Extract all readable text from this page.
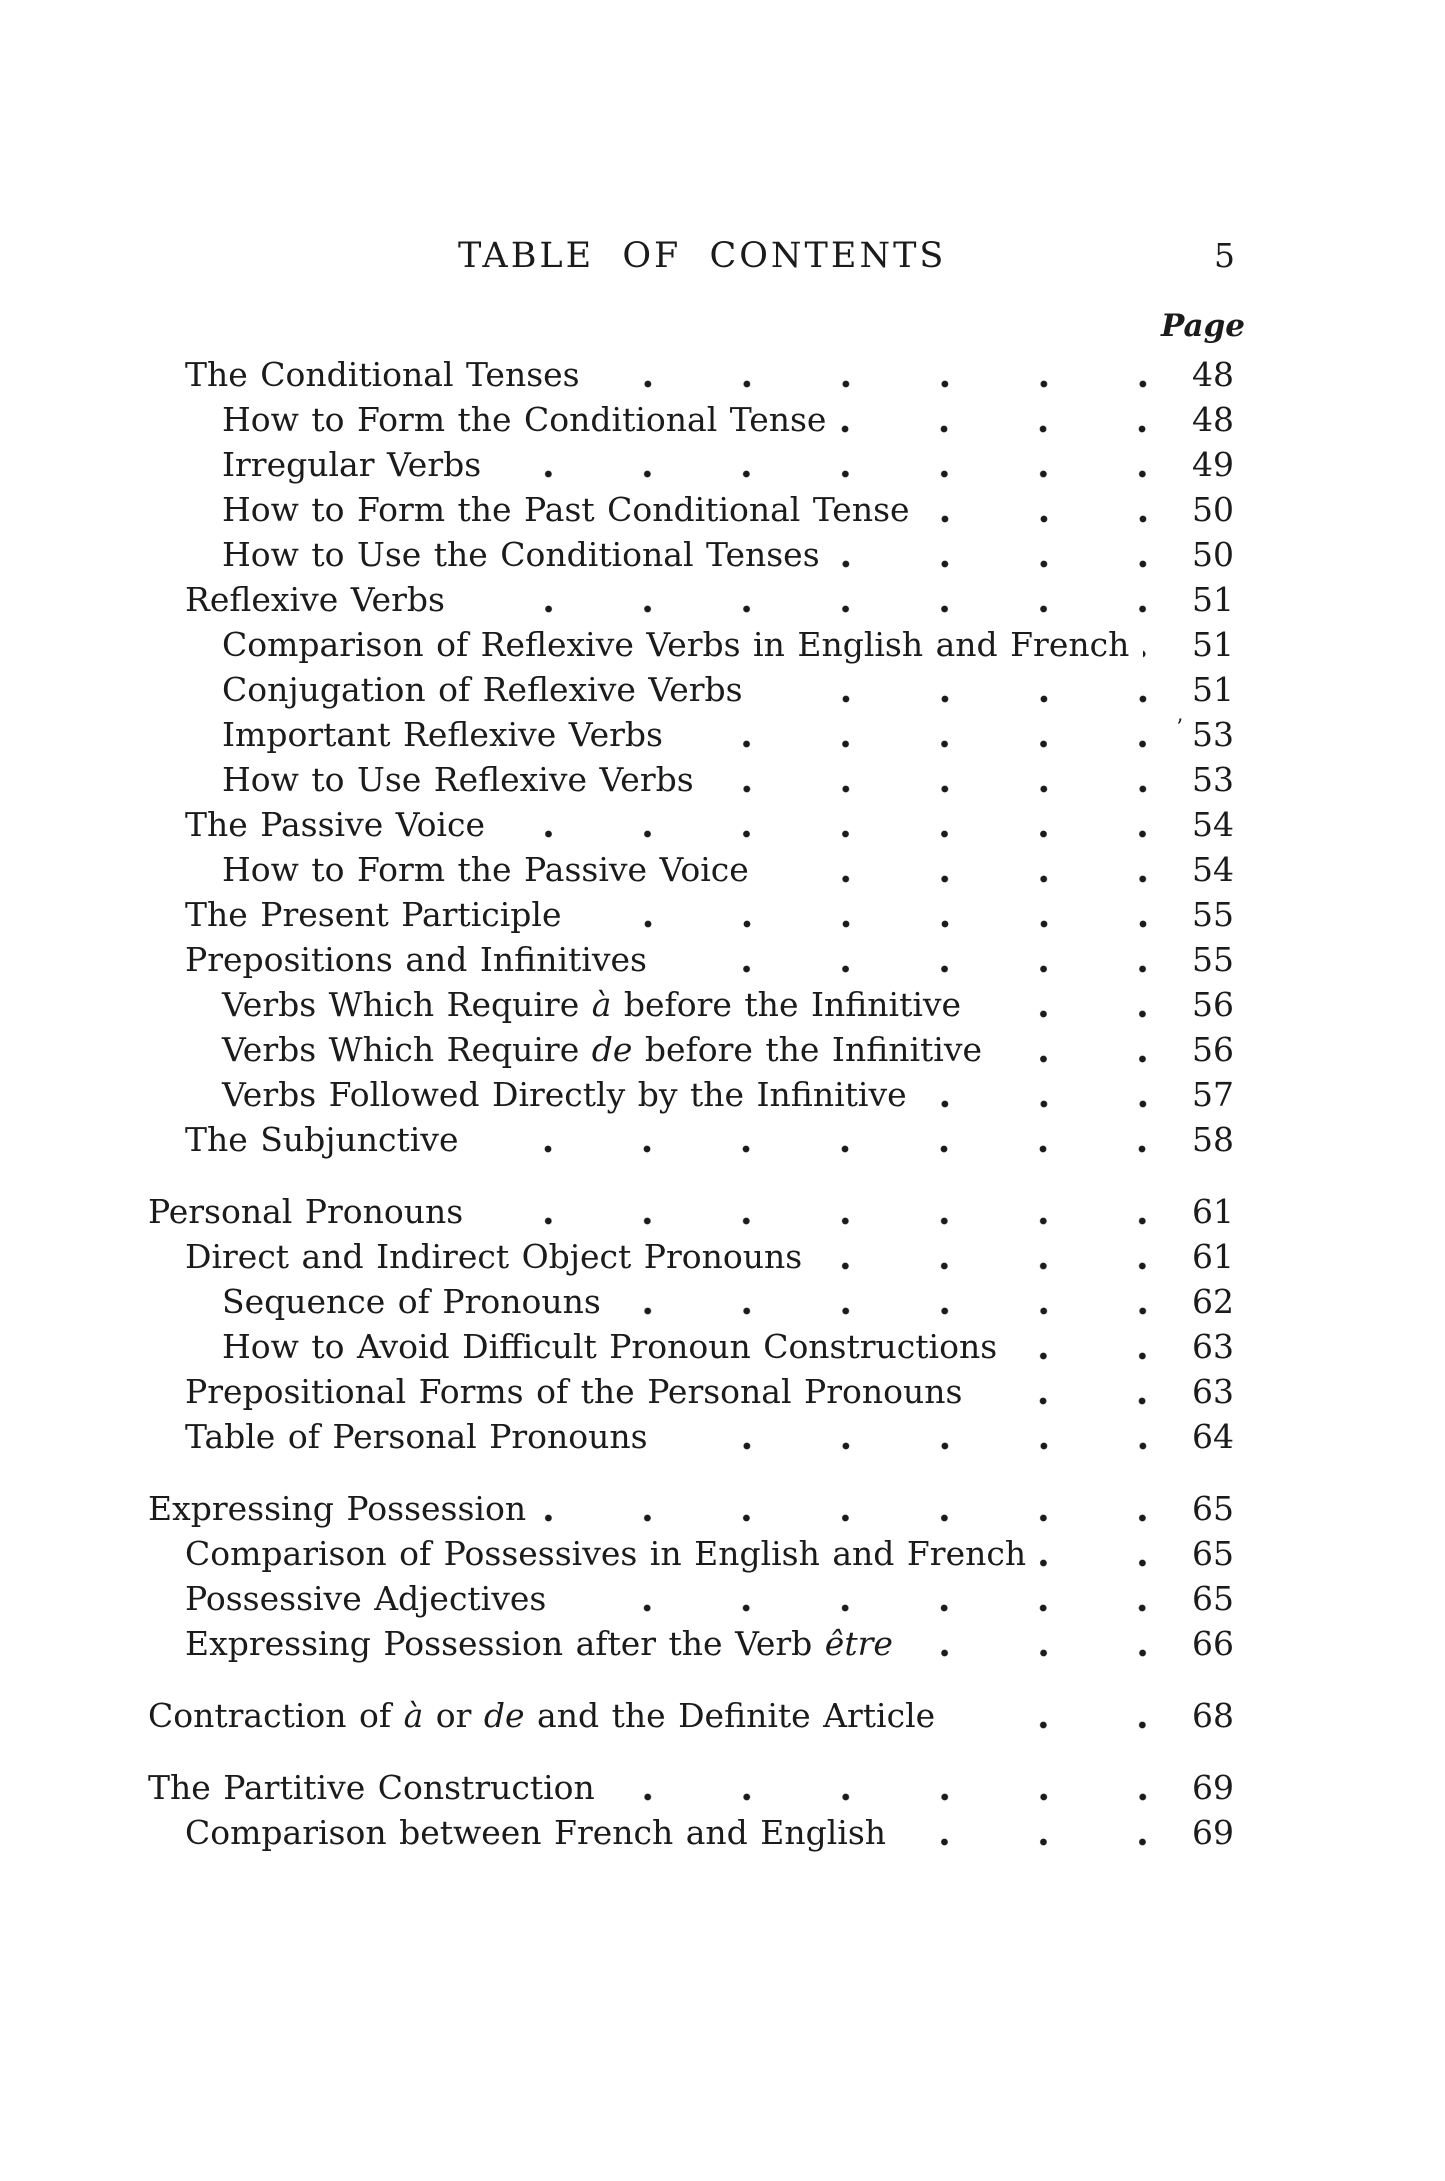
TABLE OF CONTENTS	5
Page
The Conditional Tenses	48
How to Form the Conditional Tense	48
Irregular Verbs	49
How to Form the Past Conditional Tense	50
How to Use the Conditional Tenses	50
Reflexive Verbs	51
Comparison of Reflexive Verbs in English and French	51
Conjugation of Reflexive Verbs	51
Important Reflexive Verbs	’ 53
How to Use Reflexive Verbs	53
The Passive Voice	54
How to Form the Passive Voice	54
The Present Participle	55
Prepositions and Infinitives	55
Verbs Which Require à before the Infinitive	56
Verbs Which Require de before the Infinitive	56
Verbs Followed Directly by the Infinitive	57
The Subjunctive	58
Personal Pronouns	61
Direct and Indirect Object Pronouns	61
Sequence of Pronouns	62
How to Avoid Difficult Pronoun Constructions	63
Prepositional Forms of the Personal Pronouns	63
Table of Personal Pronouns	64
Expressing Possession	65
Comparison of Possessives in English and French	65
Possessive Adjectives	65
Expressing Possession after the Verb être	66
Contraction of à or de and the Definite Article	68
The Partitive Construction	69
Comparison between French and English	69
